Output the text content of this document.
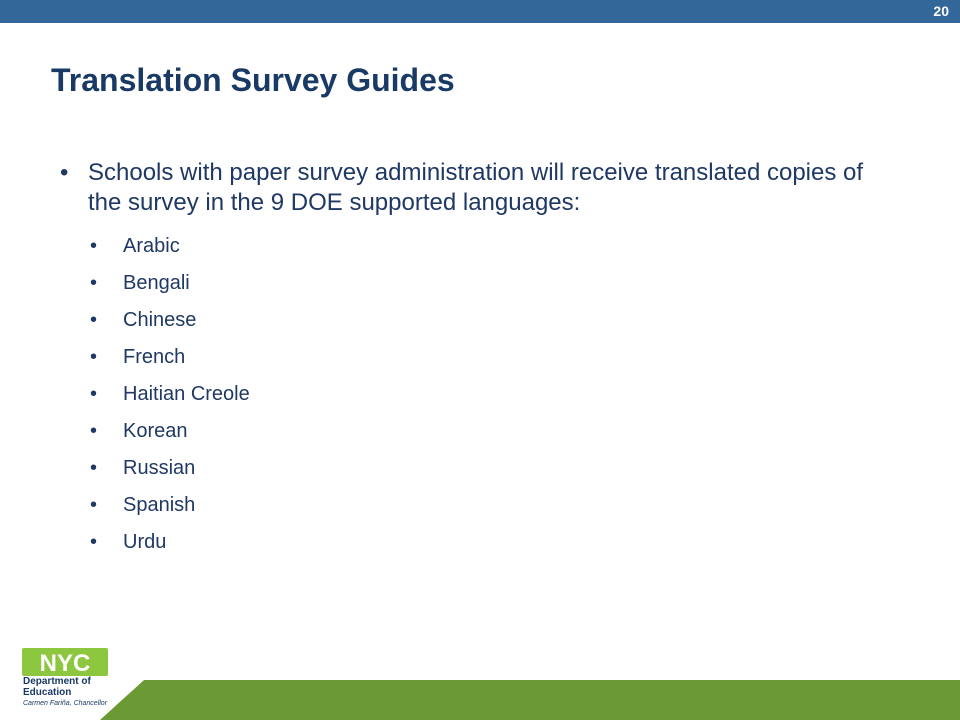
20
Translation Survey Guides
• Schools with paper survey administration will receive translated copies of the survey in the 9 DOE supported languages:
•	Arabic
•	Bengali
•	Chinese
•	French
•	Haitian Creole
•	Korean
•	Russian
•	Spanish
•	Urdu
NYC
Department of
Education
Carmen Fariña, Chancellor
